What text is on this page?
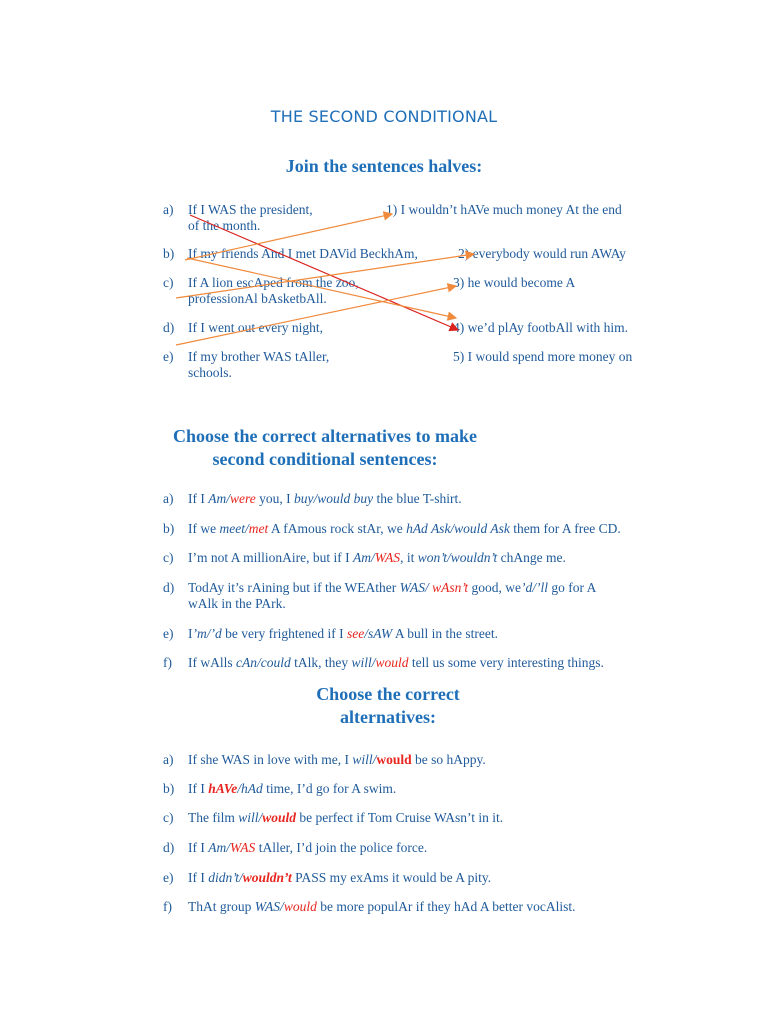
THE SECOND CONDITIONAL
Join the sentences halves:
a)	If I WAS the president,	1) I wouldn’t hAVe much money At the end
of the month.
b)	If my friends And I met DAVid BeckhAm,	2) everybody would run AWAy
c)	If A lion escAped from the zoo,	3) he would become A
professionAl bAsketbAll.
d)	If I went out every night,	4) we’d plAy footbAll with him.
e)	If my brother WAS tAller,	5) I would spend more money on
schools.
Choose the correct alternatives to make
second conditional sentences:
a)	If I Am/were you, I buy/would buy the blue T-shirt.
b)	If we meet/met A fAmous rock stAr, we hAd Ask/would Ask them for A free CD.
c)	I’m not A millionAire, but if I Am/WAS, it won’t/wouldn’t chAnge me.
d)	TodAy it’s rAining but if the WEAther WAS/ wAsn’t good, we’d/’ll go for A
wAlk in the PArk.
e)	I’m/’d be very frightened if I see/sAW A bull in the street.
f)	If wAlls cAn/could tAlk, they will/would tell us some very interesting things.
Choose the correct
alternatives:
a)	If she WAS in love with me, I will/would be so hAppy.
b)	If I hAVe/hAd time, I’d go for A swim.
c)	The film will/would be perfect if Tom Cruise WAsn’t in it.
d)	If I Am/WAS tAller, I’d join the police force.
e)	If I didn’t/wouldn’t PASS my exAms it would be A pity.
f)	ThAt group WAS/would be more populAr if they hAd A better vocAlist.
